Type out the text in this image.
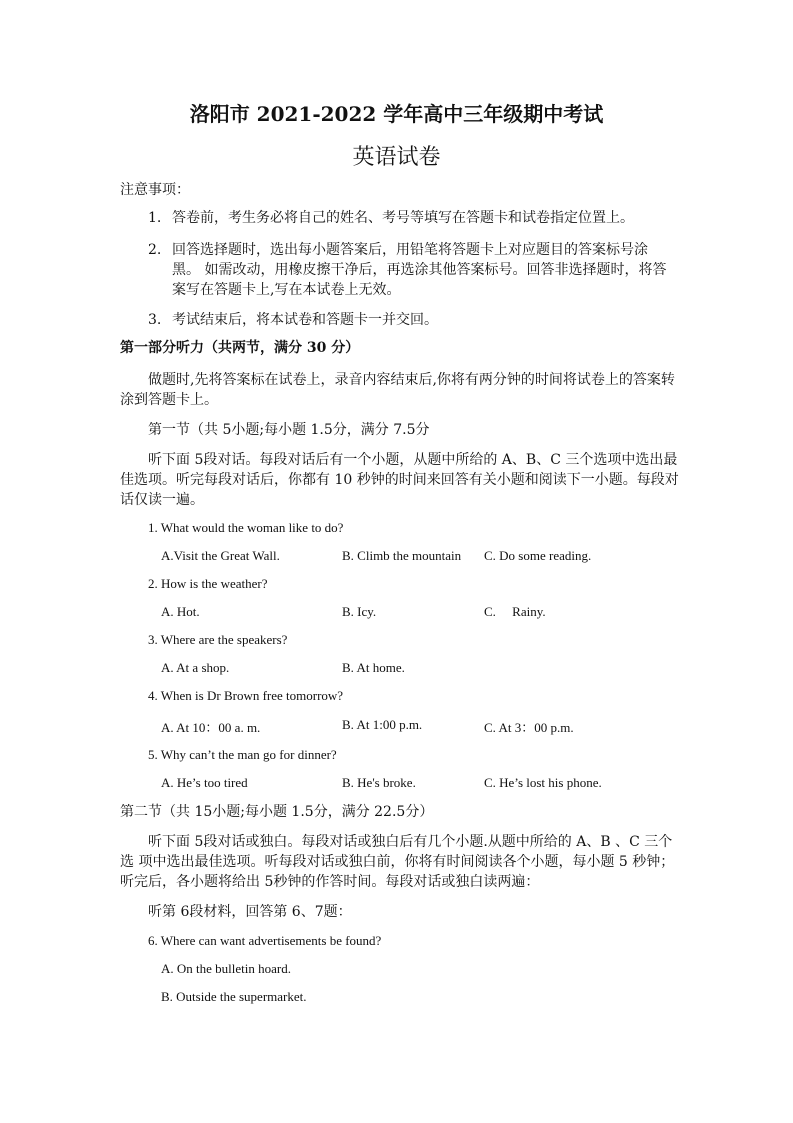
洛阳市 2021-2022 学年高中三年级期中考试
英语试卷
注意事项：
1. 答卷前，考生务必将自己的姓名、考号等填写在答题卡和试卷指定位置上。
2. 回答选择题时，选出每小题答案后，用铅笔将答题卡上对应题目的答案标号涂
黑。 如需改动，用橡皮擦干净后，再选涂其他答案标号。回答非选择题时，将答
案写在答题卡上,写在本试卷上无效。
3. 考试结束后，将本试卷和答题卡一并交回。
第一部分听力（共两节，满分 30 分）
做题时,先将答案标在试卷上，录音内容结束后,你将有两分钟的时间将试卷上的答案转
涂到答题卡上。
第一节（共 5小题;每小题 1.5分，满分 7.5分
听下面 5段对话。每段对话后有一个小题，从题中所给的 A、B、C 三个选项中选出最
佳选项。听完每段对话后，你都有 10 秒钟的时间来回答有关小题和阅读下一小题。每段对
话仅读一遍。
1. What would the woman like to do?
A.Visit the Great Wall.	B. Climb the mountain C. Do some reading.
2. How is the weather?
A. Hot.	B. Icy.	C.     Rainy.
3. Where are the speakers?
A. At a shop.	B. At home.
4. When is Dr Brown free tomorrow?
A. At 10：00 a. m.	B. At 1:00 p.m.	C. At 3：00 p.m.
5. Why can’t the man go for dinner?
A. He’s too tired	B. He's broke.	C. He’s lost his phone.
第二节（共 15小题;每小题 1.5分，满分 22.5分）
听下面 5段对话或独白。每段对话或独白后有几个小题.从题中所给的 A、B 、C 三个
选 项中选出最佳选项。听每段对话或独白前，你将有时间阅读各个小题，每小题 5 秒钟；
听完后，各小题将给出 5秒钟的作答时间。每段对话或独白读两遍：
听第 6段材料，回答第 6、7题：
6. Where can want advertisements be found?
A. On the bulletin hoard.
B. Outside the supermarket.
